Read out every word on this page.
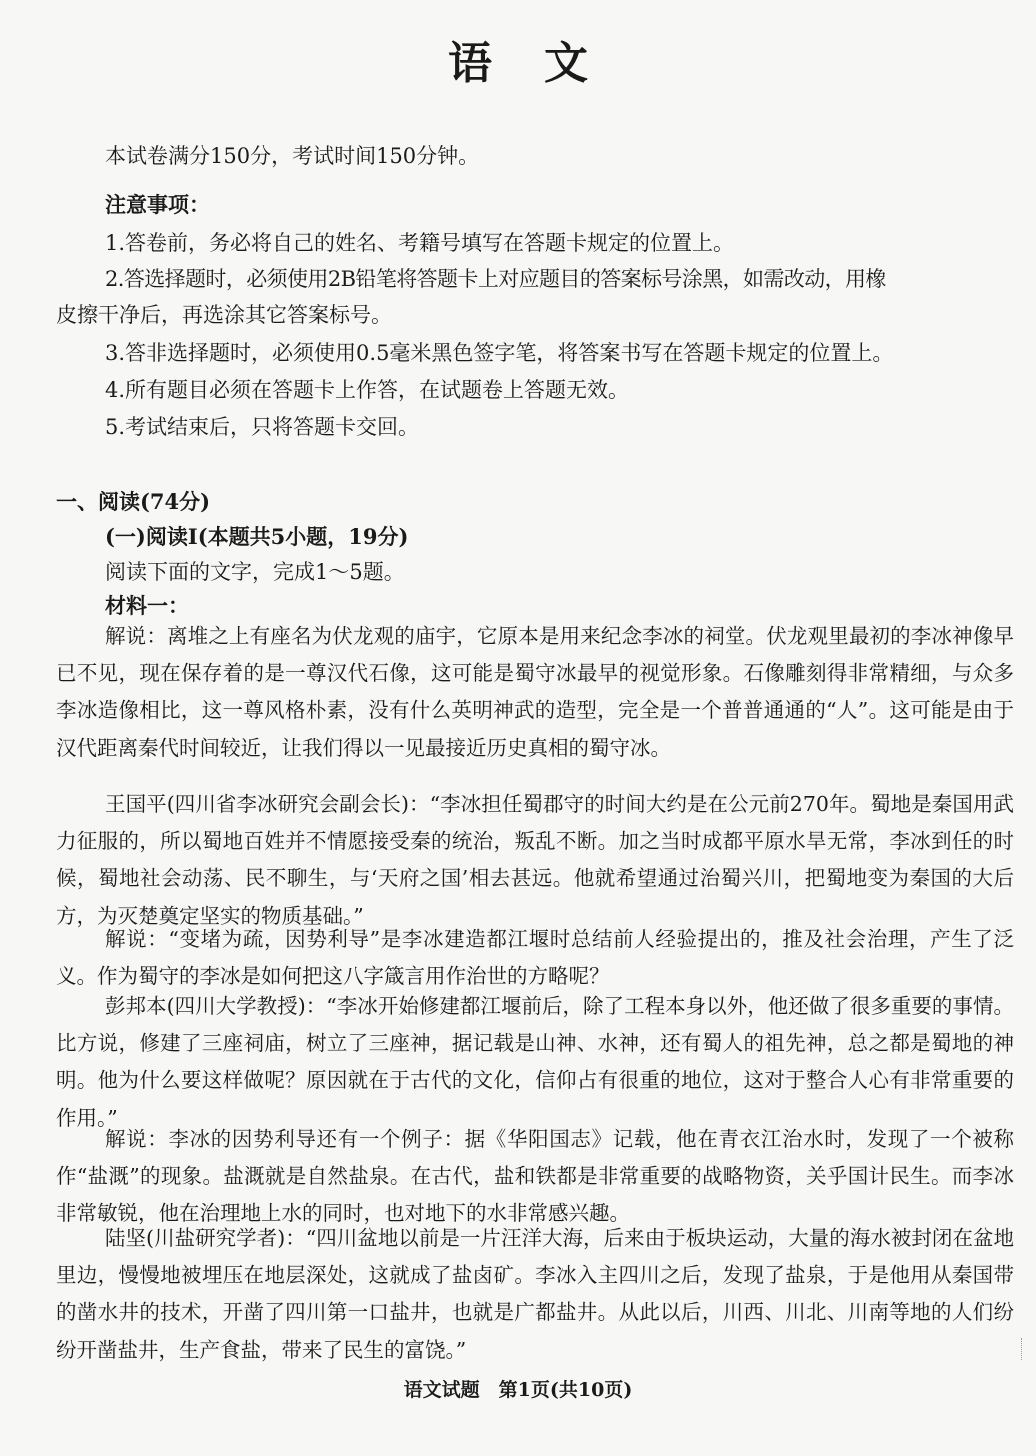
语文
本试卷满分150分，考试时间150分钟。
注意事项：
1.答卷前，务必将自己的姓名、考籍号填写在答题卡规定的位置上。
2.答选择题时，必须使用2B铅笔将答题卡上对应题目的答案标号涂黑，如需改动，用橡
皮擦干净后，再选涂其它答案标号。
3.答非选择题时，必须使用0.5毫米黑色签字笔，将答案书写在答题卡规定的位置上。
4.所有题目必须在答题卡上作答，在试题卷上答题无效。
5.考试结束后，只将答题卡交回。
一、阅读(74分)
(一)阅读Ⅰ(本题共5小题，19分)
阅读下面的文字，完成1～5题。
材料一：
解说：离堆之上有座名为伏龙观的庙宇，它原本是用来纪念李冰的祠堂。伏龙观里最初的李冰神像早已不见，现在保存着的是一尊汉代石像，这可能是蜀守冰最早的视觉形象。石像雕刻得非常精细，与众多李冰造像相比，这一尊风格朴素，没有什么英明神武的造型，完全是一个普普通通的“人”。这可能是由于汉代距离秦代时间较近，让我们得以一见最接近历史真相的蜀守冰。
王国平(四川省李冰研究会副会长)：“李冰担任蜀郡守的时间大约是在公元前270年。蜀地是秦国用武力征服的，所以蜀地百姓并不情愿接受秦的统治，叛乱不断。加之当时成都平原水旱无常，李冰到任的时候，蜀地社会动荡、民不聊生，与‘天府之国’相去甚远。他就希望通过治蜀兴川，把蜀地变为秦国的大后方，为灭楚奠定坚实的物质基础。”
解说：“变堵为疏，因势利导”是李冰建造都江堰时总结前人经验提出的，推及社会治理，产生了泛义。作为蜀守的李冰是如何把这八字箴言用作治世的方略呢？
彭邦本(四川大学教授)：“李冰开始修建都江堰前后，除了工程本身以外，他还做了很多重要的事情。比方说，修建了三座祠庙，树立了三座神，据记载是山神、水神，还有蜀人的祖先神，总之都是蜀地的神明。他为什么要这样做呢？原因就在于古代的文化，信仰占有很重的地位，这对于整合人心有非常重要的作用。”
解说：李冰的因势利导还有一个例子：据《华阳国志》记载，他在青衣江治水时，发现了一个被称作“盐溉”的现象。盐溉就是自然盐泉。在古代，盐和铁都是非常重要的战略物资，关乎国计民生。而李冰非常敏锐，他在治理地上水的同时，也对地下的水非常感兴趣。
陆坚(川盐研究学者)：“四川盆地以前是一片汪洋大海，后来由于板块运动，大量的海水被封闭在盆地里边，慢慢地被埋压在地层深处，这就成了盐卤矿。李冰入主四川之后，发现了盐泉，于是他用从秦国带的凿水井的技术，开凿了四川第一口盐井，也就是广都盐井。从此以后，川西、川北、川南等地的人们纷纷开凿盐井，生产食盐，带来了民生的富饶。”
语文试题　第1页(共10页)
